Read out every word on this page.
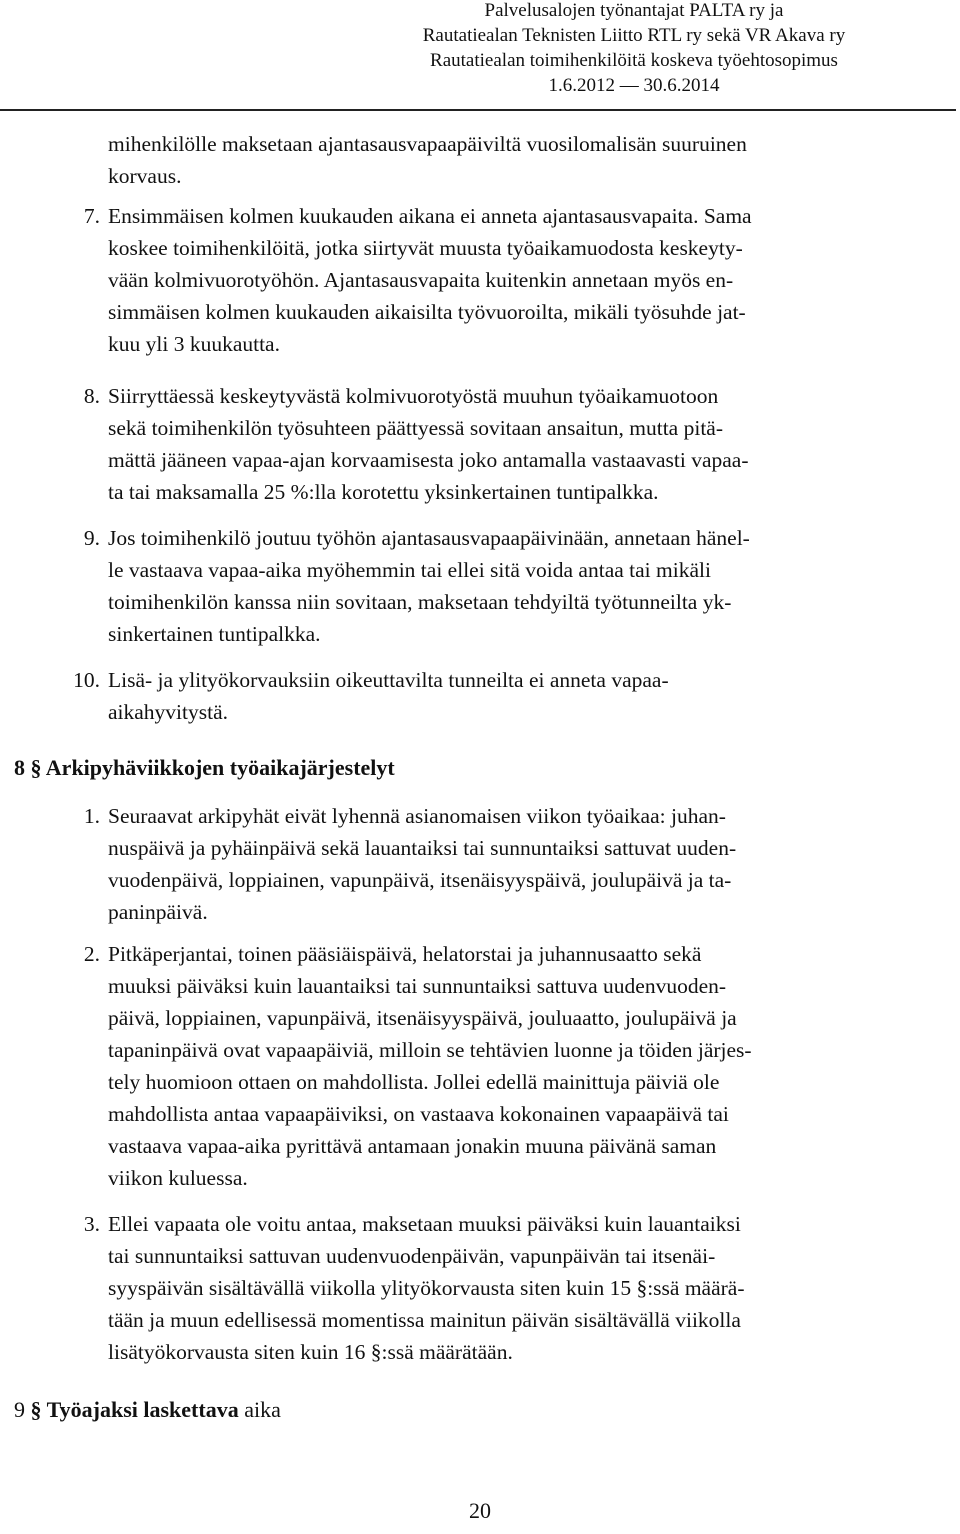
Palvelusalojen työnantajat PALTA ry ja
Rautatiealan Teknisten Liitto RTL ry sekä VR Akava ry
Rautatiealan toimihenkilöitä koskeva työehtosopimus
1.6.2012 — 30.6.2014
mihenkilölle maksetaan ajantasausvapaapäiviltä vuosilomalisän suuruinen
korvaus.
7. Ensimmäisen kolmen kuukauden aikana ei anneta ajantasausvapaita. Sama
koskee toimihenkilöitä, jotka siirtyvät muusta työaikamuodosta keskeyty-
vään kolmivuorotyöhön. Ajantasausvapaita kuitenkin annetaan myös en-
simmäisen kolmen kuukauden aikaisilta työvuoroilta, mikäli työsuhde jat-
kuu yli 3 kuukautta.
8. Siirryttäessä keskeytyvästä kolmivuorotyöstä muuhun työaikamuotoon
sekä toimihenkilön työsuhteen päättyessä sovitaan ansaitun, mutta pitä-
mättä jääneen vapaa-ajan korvaamisesta joko antamalla vastaavasti vapaa-
ta tai maksamalla 25 %:lla korotettu yksinkertainen tuntipalkka.
9. Jos toimihenkilö joutuu työhön ajantasausvapaapäivinään, annetaan hänel-
le vastaava vapaa-aika myöhemmin tai ellei sitä voida antaa tai mikäli
toimihenkilön kanssa niin sovitaan, maksetaan tehdyiltä työtunneilta yk-
sinkertainen tuntipalkka.
10. Lisä- ja ylityökorvauksiin oikeuttavilta tunneilta ei anneta vapaa-
aikahyvitystä.
8 § Arkipyhäviikkojen työaikajärjestelyt
1. Seuraavat arkipyhät eivät lyhennä asianomaisen viikon työaikaa: juhan-
nuspäivä ja pyhäinpäivä sekä lauantaiksi tai sunnuntaiksi sattuvat uuden-
vuodenpäivä, loppiainen, vapunpäivä, itsenäisyyspäivä, joulupäivä ja ta-
paninpäivä.
2. Pitkäperjantai, toinen pääsiäispäivä, helatorstai ja juhannusaatto sekä
muuksi päiväksi kuin lauantaiksi tai sunnuntaiksi sattuva uudenvuoden-
päivä, loppiainen, vapunpäivä, itsenäisyyspäivä, jouluaatto, joulupäivä ja
tapaninpäivä ovat vapaapäiviä, milloin se tehtävien luonne ja töiden järjes-
tely huomioon ottaen on mahdollista. Jollei edellä mainittuja päiviä ole
mahdollista antaa vapaapäiviksi, on vastaava kokonainen vapaapäivä tai
vastaava vapaa-aika pyrittävä antamaan jonakin muuna päivänä saman
viikon kuluessa.
3. Ellei vapaata ole voitu antaa, maksetaan muuksi päiväksi kuin lauantaiksi
tai sunnuntaiksi sattuvan uudenvuodenpäivän, vapunpäivän tai itsenäi-
syyspäivän sisältävällä viikolla ylityökorvausta siten kuin 15 §:ssä määrä-
tään ja muun edellisessä momentissa mainitun päivän sisältävällä viikolla
lisätyökorvausta siten kuin 16 §:ssä määrätään.
9 § Työajaksi laskettava aika
20
